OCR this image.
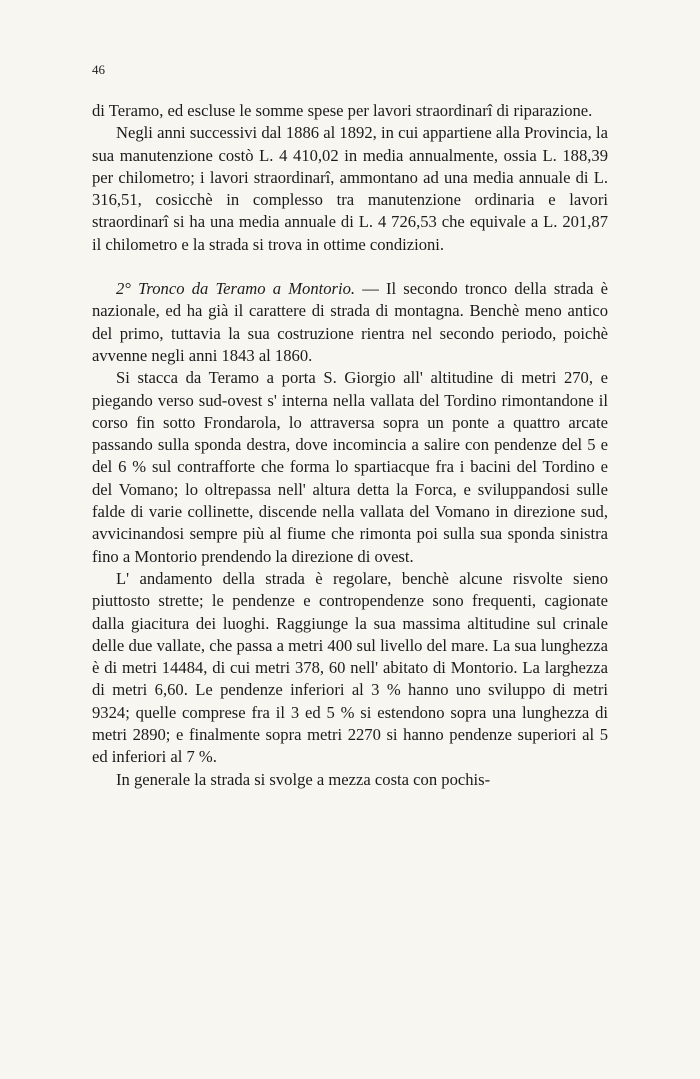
46

di Teramo, ed escluse le somme spese per lavori straordinarî di riparazione.

Negli anni successivi dal 1886 al 1892, in cui appartiene alla Provincia, la sua manutenzione costò L. 4 410,02 in media annualmente, ossia L. 188,39 per chilometro; i lavori straordinarî, ammontano ad una media annuale di L. 316,51, cosicchè in complesso tra manutenzione ordinaria e lavori straordinarî si ha una media annuale di L. 4 726,53 che equivale a L. 201,87 il chilometro e la strada si trova in ottime condizioni.

2° Tronco da Teramo a Montorio. — Il secondo tronco della strada è nazionale, ed ha già il carattere di strada di montagna. Benchè meno antico del primo, tuttavia la sua costruzione rientra nel secondo periodo, poichè avvenne negli anni 1843 al 1860.

Si stacca da Teramo a porta S. Giorgio all' altitudine di metri 270, e piegando verso sud-ovest s' interna nella vallata del Tordino rimontandone il corso fin sotto Frondarola, lo attraversa sopra un ponte a quattro arcate passando sulla sponda destra, dove incomincia a salire con pendenze del 5 e del 6 % sul contrafforte che forma lo spartiacque fra i bacini del Tordino e del Vomano; lo oltrepassa nell' altura detta la Forca, e sviluppandosi sulle falde di varie collinette, discende nella vallata del Vomano in direzione sud, avvicinandosi sempre più al fiume che rimonta poi sulla sua sponda sinistra fino a Montorio prendendo la direzione di ovest.

L' andamento della strada è regolare, benchè alcune risvolte sieno piuttosto strette; le pendenze e contropendenze sono frequenti, cagionate dalla giacitura dei luoghi. Raggiunge la sua massima altitudine sul crinale delle due vallate, che passa a metri 400 sul livello del mare. La sua lunghezza è di metri 14484, di cui metri 378, 60 nell' abitato di Montorio. La larghezza di metri 6,60. Le pendenze inferiori al 3 % hanno uno sviluppo di metri 9324; quelle comprese fra il 3 ed 5 % si estendono sopra una lunghezza di metri 2890; e finalmente sopra metri 2270 si hanno pendenze superiori al 5 ed inferiori al 7 %.

In generale la strada si svolge a mezza costa con pochis-
